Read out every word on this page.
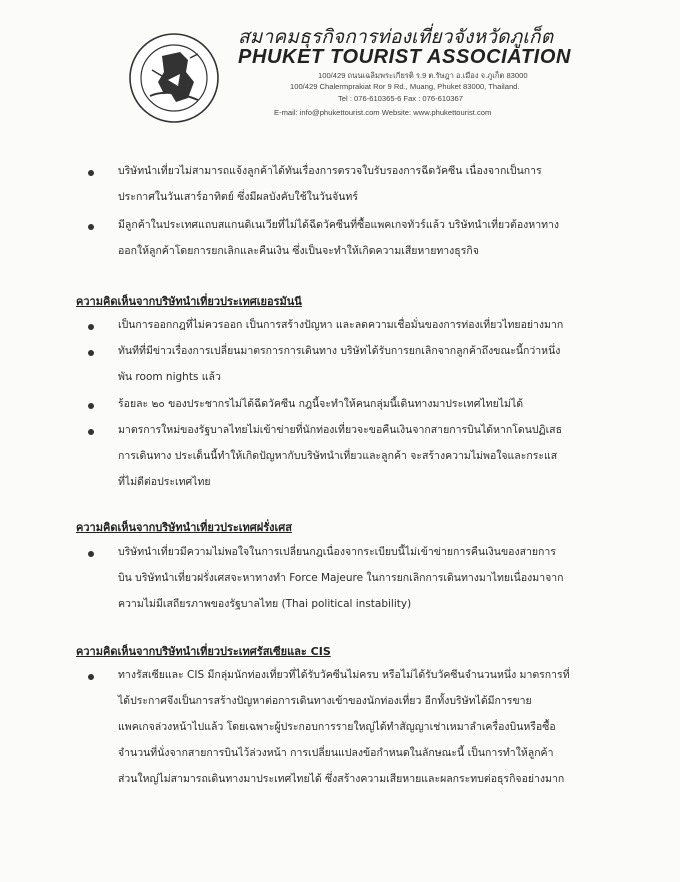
สมาคมธุรกิจการท่องเที่ยวจังหวัดภูเก็ต
PHUKET TOURIST ASSOCIATION
100/429 ถนนเฉลิมพระเกียรติ ร.9 ต.รัษฎา อ.เมือง จ.ภูเก็ต 83000
100/429 Chalermprakiat Ror 9 Rd., Muang, Phuket 83000, Thailand.
Tel : 076-610365-6 Fax : 076-610367
E-mail: info@phukettourist.com Website: www.phukettourist.com
บริษัทนำเที่ยวไม่สามารถแจ้งลูกค้าได้ทันเรื่องการตรวจใบรับรองการฉีดวัคซีน เนื่องจากเป็นการ
ประกาศในวันเสาร์อาทิตย์ ซึ่งมีผลบังคับใช้ในวันจันทร์
มีลูกค้าในประเทศแถบสแกนดิเนเวียที่ไม่ได้ฉีดวัคซีนที่ซื้อแพคเกจทัวร์แล้ว บริษัทนำเที่ยวต้องหาทาง
ออกให้ลูกค้าโดยการยกเลิกและคืนเงิน ซึ่งเป็นจะทำให้เกิดความเสียหายทางธุรกิจ
ความคิดเห็นจากบริษัทนำเที่ยวประเทศเยอรมันนี
เป็นการออกกฎที่ไม่ควรออก เป็นการสร้างปัญหา และลดความเชื่อมั่นของการท่องเที่ยวไทยอย่างมาก
ทันทีที่มีข่าวเรื่องการเปลี่ยนมาตรการการเดินทาง บริษัทได้รับการยกเลิกจากลูกค้าถึงขณะนี้กว่าหนึ่ง
พัน room nights แล้ว
ร้อยละ ๒๐ ของประชากรไม่ได้ฉีดวัคซีน กฎนี้จะทำให้คนกลุ่มนี้เดินทางมาประเทศไทยไม่ได้
มาตรการใหม่ของรัฐบาลไทยไม่เข้าข่ายที่นักท่องเที่ยวจะขอคืนเงินจากสายการบินได้หากโดนปฏิเสธ
การเดินทาง ประเด็นนี้ทำให้เกิดปัญหากับบริษัทนำเที่ยวและลูกค้า จะสร้างความไม่พอใจและกระแส
ที่ไม่ดีต่อประเทศไทย
ความคิดเห็นจากบริษัทนำเที่ยวประเทศฝรั่งเศส
บริษัทนำเที่ยวมีความไม่พอใจในการเปลี่ยนกฎเนื่องจากระเบียบนี้ไม่เข้าข่ายการคืนเงินของสายการ
บิน บริษัทนำเที่ยวฝรั่งเศสจะหาทางทำ Force Majeure ในการยกเลิกการเดินทางมาไทยเนื่องมาจาก
ความไม่มีเสถียรภาพของรัฐบาลไทย (Thai political instability)
ความคิดเห็นจากบริษัทนำเที่ยวประเทศรัสเซียและ CIS
ทางรัสเซียและ CIS มีกลุ่มนักท่องเที่ยวที่ได้รับวัคซีนไม่ครบ หรือไม่ได้รับวัคซีนจำนวนหนึ่ง มาตรการที่
ได้ประกาศจึงเป็นการสร้างปัญหาต่อการเดินทางเข้าของนักท่องเที่ยว อีกทั้งบริษัทได้มีการขาย
แพคเกจล่วงหน้าไปแล้ว โดยเฉพาะผู้ประกอบการรายใหญ่ได้ทำสัญญาเช่าเหมาลำเครื่องบินหรือซื้อ
จำนวนที่นั่งจากสายการบินไว้ล่วงหน้า การเปลี่ยนแปลงข้อกำหนดในลักษณะนี้ เป็นการทำให้ลูกค้า
ส่วนใหญ่ไม่สามารถเดินทางมาประเทศไทยได้ ซึ่งสร้างความเสียหายและผลกระทบต่อธุรกิจอย่างมาก
